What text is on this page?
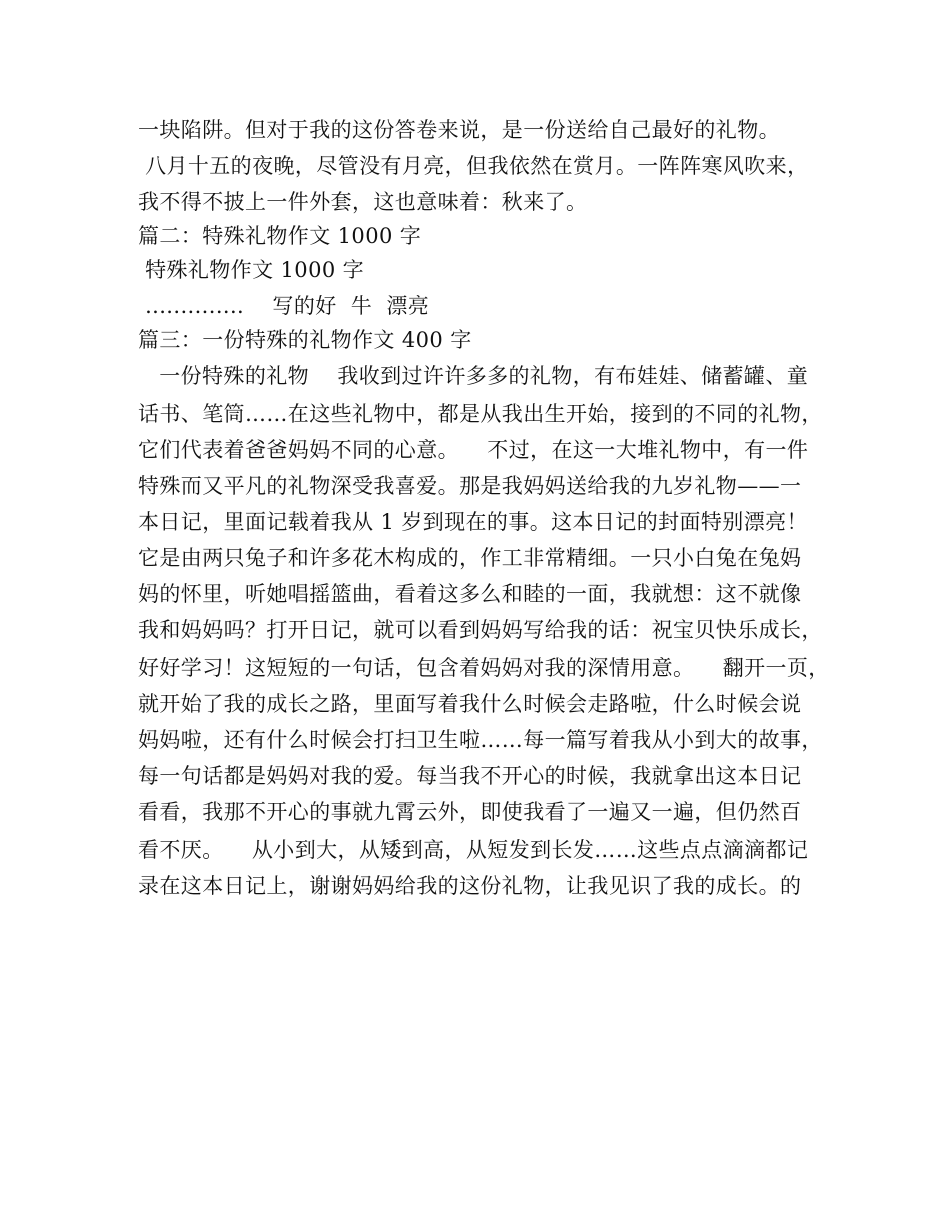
一块陷阱。但对于我的这份答卷来说，是一份送给自己最好的礼物。
八月十五的夜晚，尽管没有月亮，但我依然在赏月。一阵阵寒风吹来，
我不得不披上一件外套，这也意味着：秋来了。
篇二：特殊礼物作文 1000 字
特殊礼物作文 1000 字
..............    写的好  牛  漂亮
篇三：一份特殊的礼物作文 400 字
一份特殊的礼物    我收到过许许多多的礼物，有布娃娃、储蓄罐、童
话书、笔筒……在这些礼物中，都是从我出生开始，接到的不同的礼物，
它们代表着爸爸妈妈不同的心意。    不过，在这一大堆礼物中，有一件
特殊而又平凡的礼物深受我喜爱。那是我妈妈送给我的九岁礼物——一
本日记，里面记载着我从 1 岁到现在的事。这本日记的封面特别漂亮！
它是由两只兔子和许多花木构成的，作工非常精细。一只小白兔在兔妈
妈的怀里，听她唱摇篮曲，看着这多么和睦的一面，我就想：这不就像
我和妈妈吗？打开日记，就可以看到妈妈写给我的话：祝宝贝快乐成长，
好好学习！这短短的一句话，包含着妈妈对我的深情用意。    翻开一页，
就开始了我的成长之路，里面写着我什么时候会走路啦，什么时候会说
妈妈啦，还有什么时候会打扫卫生啦……每一篇写着我从小到大的故事，
每一句话都是妈妈对我的爱。每当我不开心的时候，我就拿出这本日记
看看，我那不开心的事就九霄云外，即使我看了一遍又一遍，但仍然百
看不厌。    从小到大，从矮到高，从短发到长发……这些点点滴滴都记
录在这本日记上，谢谢妈妈给我的这份礼物，让我见识了我的成长。的
